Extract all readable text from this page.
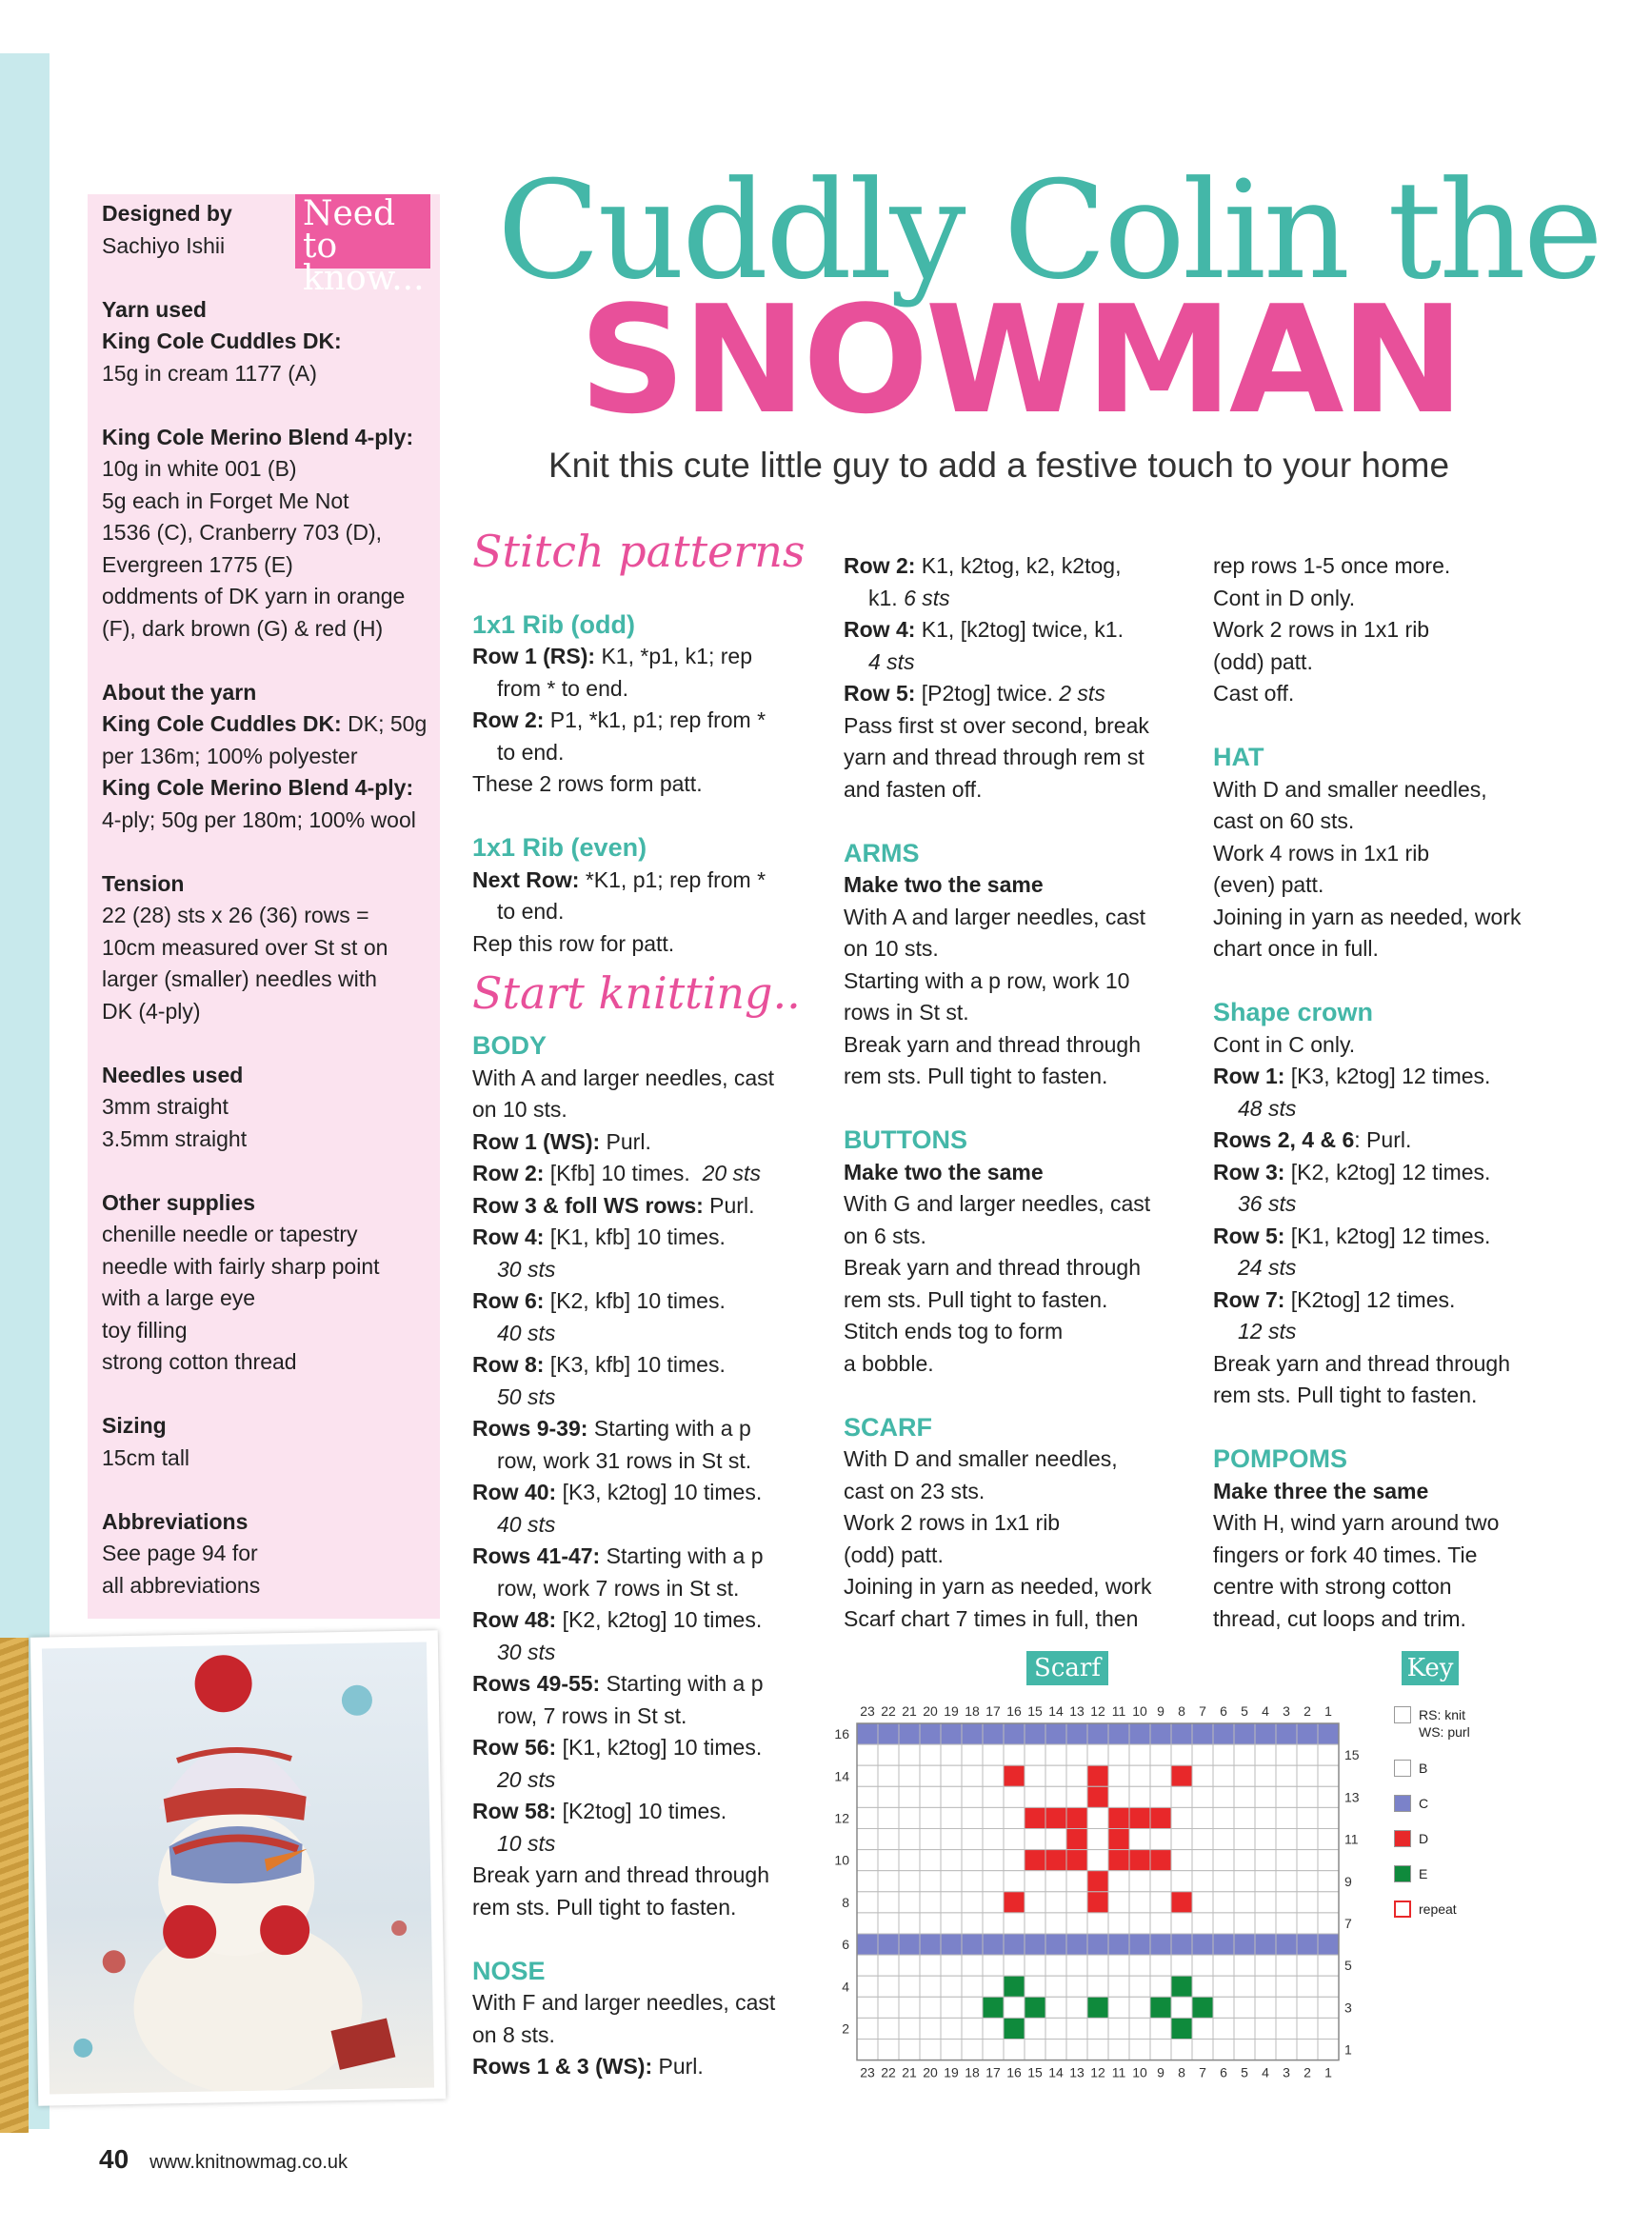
Need to know...
Designed by
Sachiyo Ishii
Yarn used
King Cole Cuddles DK:
15g in cream 1177 (A)
King Cole Merino Blend 4-ply:
10g in white 001 (B)
5g each in Forget Me Not
1536 (C), Cranberry 703 (D),
Evergreen 1775 (E)
oddments of DK yarn in orange
(F), dark brown (G) & red (H)
About the yarn
King Cole Cuddles DK: DK; 50g
per 136m; 100% polyester
King Cole Merino Blend 4-ply:
4-ply; 50g per 180m; 100% wool
Tension
22 (28) sts x 26 (36) rows =
10cm measured over St st on
larger (smaller) needles with
DK (4-ply)
Needles used
3mm straight
3.5mm straight
Other supplies
chenille needle or tapestry
needle with fairly sharp point
with a large eye
toy filling
strong cotton thread
Sizing
15cm tall
Abbreviations
See page 94 for
all abbreviations
Cuddly Colin the
SNOWMAN
Knit this cute little guy to add a festive touch to your home

Stitch patterns

1x1 Rib (odd)

Row 1 (RS): K1, *p1, k1; rep

from * to end.

Row 2: P1, *k1, p1; rep from *

to end.

These 2 rows form patt.

1x1 Rib (even)

Next Row: *K1, p1; rep from *

to end.

Rep this row for patt.

Start knitting..

BODY

With A and larger needles, cast

on 10 sts.

Row 1 (WS): Purl.

Row 2: [Kfb] 10 times. 20 sts

Row 3 & foll WS rows: Purl.

Row 4: [K1, kfb] 10 times.

30 sts

Row 6: [K2, kfb] 10 times.

40 sts

Row 8: [K3, kfb] 10 times.

50 sts

Rows 9-39: Starting with a p

row, work 31 rows in St st.

Row 40: [K3, k2tog] 10 times.

40 sts

Rows 41-47: Starting with a p

row, work 7 rows in St st.

Row 48: [K2, k2tog] 10 times.

30 sts

Rows 49-55: Starting with a p

row, 7 rows in St st.

Row 56: [K1, k2tog] 10 times.

20 sts

Row 58: [K2tog] 10 times.

10 sts

Break yarn and thread through

rem sts. Pull tight to fasten.

NOSE

With F and larger needles, cast

on 8 sts.

Rows 1 & 3 (WS): Purl.

Row 2: K1, k2tog, k2, k2tog,

k1. 6 sts

Row 4: K1, [k2tog] twice, k1.

4 sts

Row 5: [P2tog] twice. 2 sts

Pass first st over second, break

yarn and thread through rem st

and fasten off.

ARMS

Make two the same

With A and larger needles, cast

on 10 sts.

Starting with a p row, work 10

rows in St st.

Break yarn and thread through

rem sts. Pull tight to fasten.

BUTTONS

Make two the same

With G and larger needles, cast

on 6 sts.

Break yarn and thread through

rem sts. Pull tight to fasten.

Stitch ends tog to form

a bobble.

SCARF

With D and smaller needles,

cast on 23 sts.

Work 2 rows in 1x1 rib

(odd) patt.

Joining in yarn as needed, work

Scarf chart 7 times in full, then

rep rows 1-5 once more.

Cont in D only.

Work 2 rows in 1x1 rib

(odd) patt.

Cast off.

HAT

With D and smaller needles,

cast on 60 sts.

Work 4 rows in 1x1 rib

(even) patt.

Joining in yarn as needed, work

chart once in full.

Shape crown

Cont in C only.

Row 1: [K3, k2tog] 12 times.

48 sts

Rows 2, 4 & 6: Purl.

Row 3: [K2, k2tog] 12 times.

36 sts

Row 5: [K1, k2tog] 12 times.

24 sts

Row 7: [K2tog] 12 times.

12 sts

Break yarn and thread through

rem sts. Pull tight to fasten.

POMPOMS

Make three the same

With H, wind yarn around two

fingers or fork 40 times. Tie

centre with strong cotton

thread, cut loops and trim.

Scarf
23
23
22
22
21
21
20
20
19
19
18
18
17
17
16
16
15
15
14
14
13
13
12
12
11
11
10
10
9
9
8
8
7
7
6
6
5
5
4
4
3
3
2
2
1
1
16
14
12
10
8
6
4
2
15
13
11
9
7
5
3
1
Key
RS: knit
WS: purl
B
C
D
E
repeat
40 www.knitnowmag.co.uk
